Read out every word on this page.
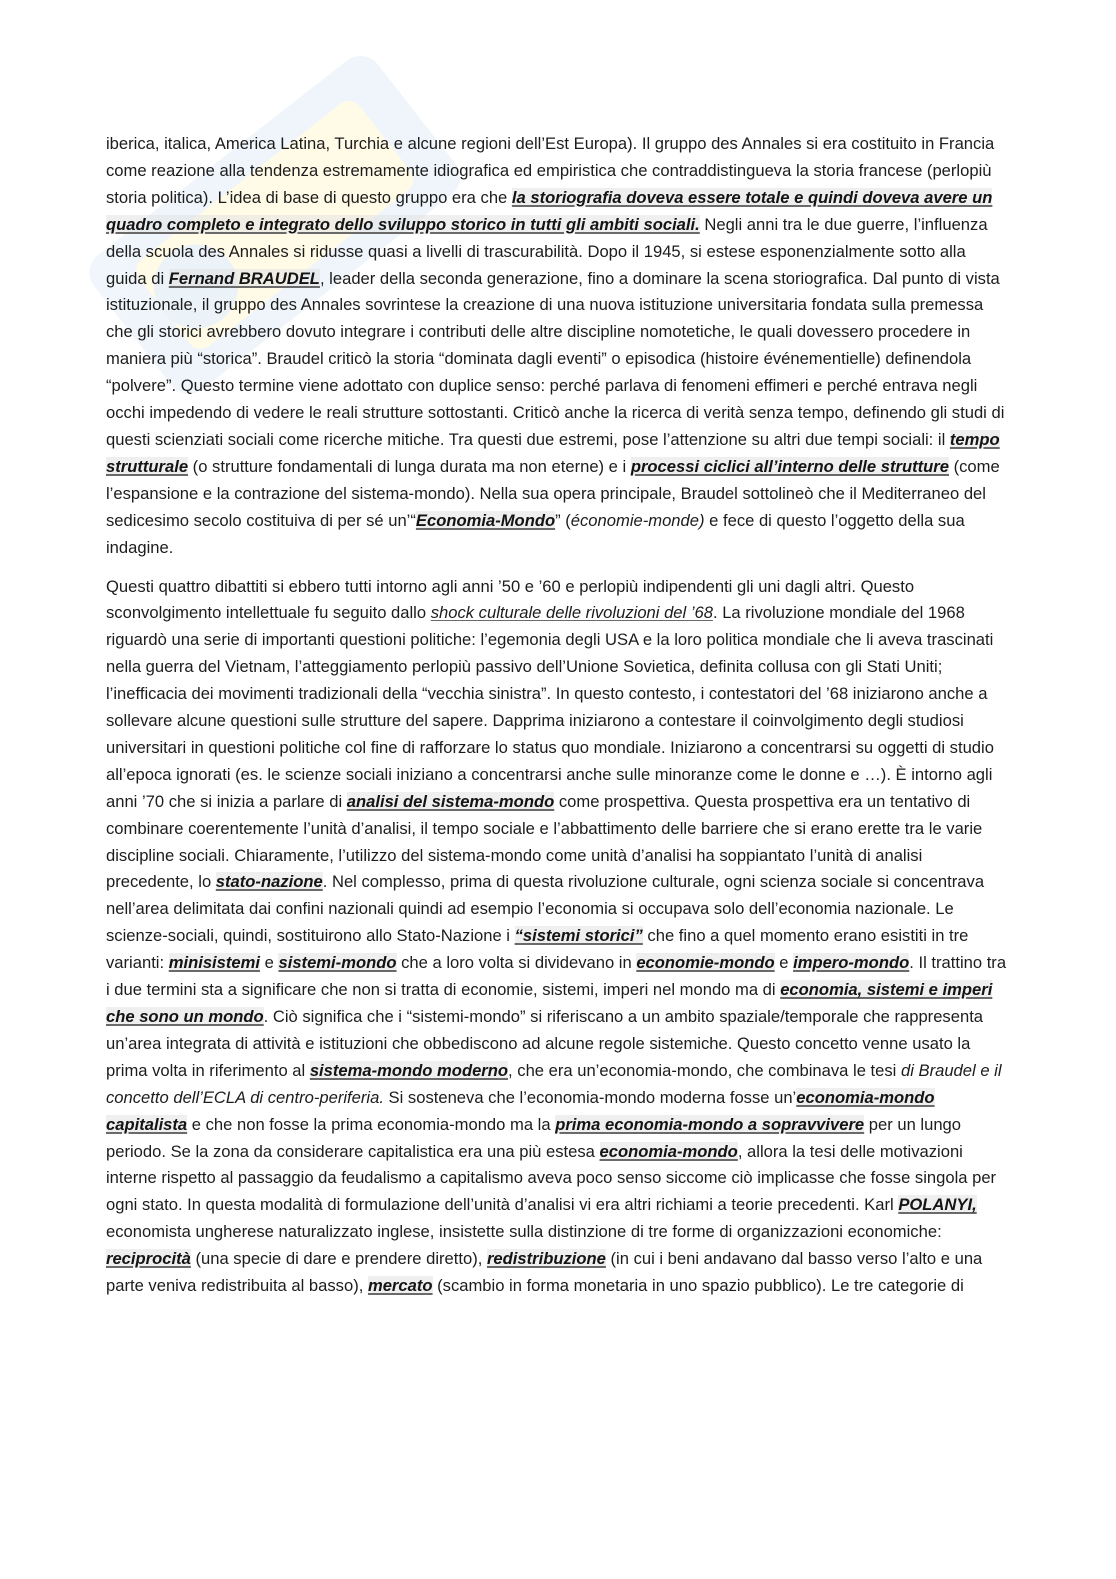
iberica, italica, America Latina, Turchia e alcune regioni dell’Est Europa). Il gruppo des Annales si era costituito in Francia come reazione alla tendenza estremamente idiografica ed empiristica che contraddistingueva la storia francese (perlopiù storia politica). L’idea di base di questo gruppo era che la storiografia doveva essere totale e quindi doveva avere un quadro completo e integrato dello sviluppo storico in tutti gli ambiti sociali. Negli anni tra le due guerre, l’influenza della scuola des Annales si ridusse quasi a livelli di trascurabilità. Dopo il 1945, si estese esponenzialmente sotto alla guida di Fernand BRAUDEL, leader della seconda generazione, fino a dominare la scena storiografica. Dal punto di vista istituzionale, il gruppo des Annales sovrintese la creazione di una nuova istituzione universitaria fondata sulla premessa che gli storici avrebbero dovuto integrare i contributi delle altre discipline nomotetiche, le quali dovessero procedere in maniera più “storica”. Braudel criticò la storia “dominata dagli eventi” o episodica (histoire événementielle) definendola “polvere”. Questo termine viene adottato con duplice senso: perché parlava di fenomeni effimeri e perché entrava negli occhi impedendo di vedere le reali strutture sottostanti. Criticò anche la ricerca di verità senza tempo, definendo gli studi di questi scienziati sociali come ricerche mitiche. Tra questi due estremi, pose l’attenzione su altri due tempi sociali: il tempo strutturale (o strutture fondamentali di lunga durata ma non eterne) e i processi ciclici all’interno delle strutture (come l’espansione e la contrazione del sistema-mondo). Nella sua opera principale, Braudel sottolineò che il Mediterraneo del sedicesimo secolo costituiva di per sé un’“Economia-Mondo” (économie-monde) e fece di questo l’oggetto della sua indagine.

Questi quattro dibattiti si ebbero tutti intorno agli anni ’50 e ’60 e perlopiù indipendenti gli uni dagli altri. Questo sconvolgimento intellettuale fu seguito dallo shock culturale delle rivoluzioni del ’68. La rivoluzione mondiale del 1968 riguardò una serie di importanti questioni politiche: l’egemonia degli USA e la loro politica mondiale che li aveva trascinati nella guerra del Vietnam, l’atteggiamento perlopiù passivo dell’Unione Sovietica, definita collusa con gli Stati Uniti; l’inefficacia dei movimenti tradizionali della “vecchia sinistra”. In questo contesto, i contestatori del ’68 iniziarono anche a sollevare alcune questioni sulle strutture del sapere. Dapprima iniziarono a contestare il coinvolgimento degli studiosi universitari in questioni politiche col fine di rafforzare lo status quo mondiale. Iniziarono a concentrarsi su oggetti di studio all’epoca ignorati (es. le scienze sociali iniziano a concentrarsi anche sulle minoranze come le donne e …). È intorno agli anni ’70 che si inizia a parlare di analisi del sistema-mondo come prospettiva. Questa prospettiva era un tentativo di combinare coerentemente l’unità d’analisi, il tempo sociale e l’abbattimento delle barriere che si erano erette tra le varie discipline sociali. Chiaramente, l’utilizzo del sistema-mondo come unità d’analisi ha soppiantato l’unità di analisi precedente, lo stato-nazione. Nel complesso, prima di questa rivoluzione culturale, ogni scienza sociale si concentrava nell’area delimitata dai confini nazionali quindi ad esempio l’economia si occupava solo dell’economia nazionale. Le scienze-sociali, quindi, sostituirono allo Stato-Nazione i “sistemi storici” che fino a quel momento erano esistiti in tre varianti: minisistemi e sistemi-mondo che a loro volta si dividevano in economie-mondo e impero-mondo. Il trattino tra i due termini sta a significare che non si tratta di economie, sistemi, imperi nel mondo ma di economia, sistemi e imperi che sono un mondo. Ciò significa che i “sistemi-mondo” si riferiscano a un ambito spaziale/temporale che rappresenta un’area integrata di attività e istituzioni che obbediscono ad alcune regole sistemiche. Questo concetto venne usato la prima volta in riferimento al sistema-mondo moderno, che era un’economia-mondo, che combinava le tesi di Braudel e il concetto dell’ECLA di centro-periferia. Si sosteneva che l’economia-mondo moderna fosse un’economia-mondo capitalista e che non fosse la prima economia-mondo ma la prima economia-mondo a sopravvivere per un lungo periodo. Se la zona da considerare capitalistica era una più estesa economia-mondo, allora la tesi delle motivazioni interne rispetto al passaggio da feudalismo a capitalismo aveva poco senso siccome ciò implicasse che fosse singola per ogni stato. In questa modalità di formulazione dell’unità d’analisi vi era altri richiami a teorie precedenti. Karl POLANYI, economista ungherese naturalizzato inglese, insistette sulla distinzione di tre forme di organizzazioni economiche: reciprocità (una specie di dare e prendere diretto), redistribuzione (in cui i beni andavano dal basso verso l’alto e una parte veniva redistribuita al basso), mercato (scambio in forma monetaria in uno spazio pubblico). Le tre categorie di
